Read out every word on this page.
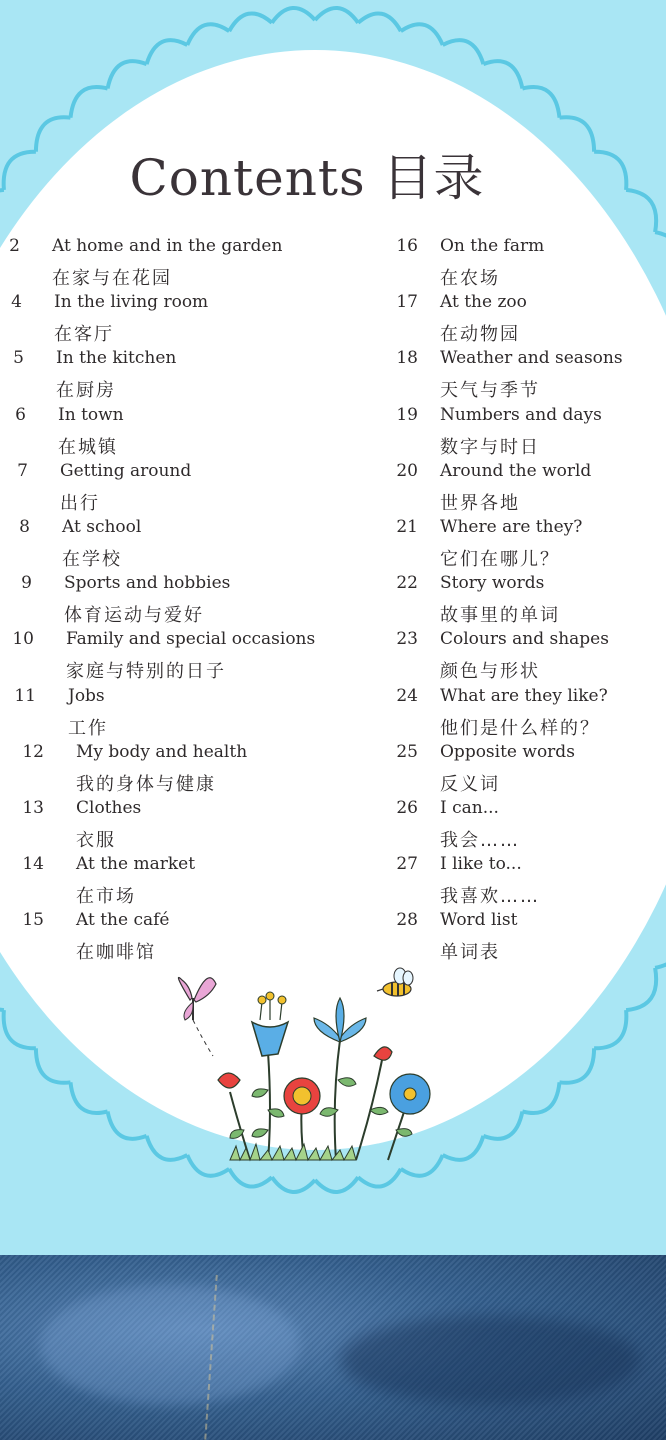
Contents 目录
2 At home and in the garden
在家与在花园
4 In the living room
在客厅
5 In the kitchen
在厨房
6 In town
在城镇
7 Getting around
出行
8 At school
在学校
9 Sports and hobbies
体育运动与爱好
10 Family and special occasions
家庭与特别的日子
11 Jobs
工作
12 My body and health
我的身体与健康
13 Clothes
衣服
14 At the market
在市场
15 At the café
在咖啡馆
16 On the farm
在农场
17 At the zoo
在动物园
18 Weather and seasons
天气与季节
19 Numbers and days
数字与时日
20 Around the world
世界各地
21 Where are they?
它们在哪儿？
22 Story words
故事里的单词
23 Colours and shapes
颜色与形状
24 What are they like?
他们是什么样的？
25 Opposite words
反义词
26 I can...
我会……
27 I like to...
我喜欢……
28 Word list
单词表
